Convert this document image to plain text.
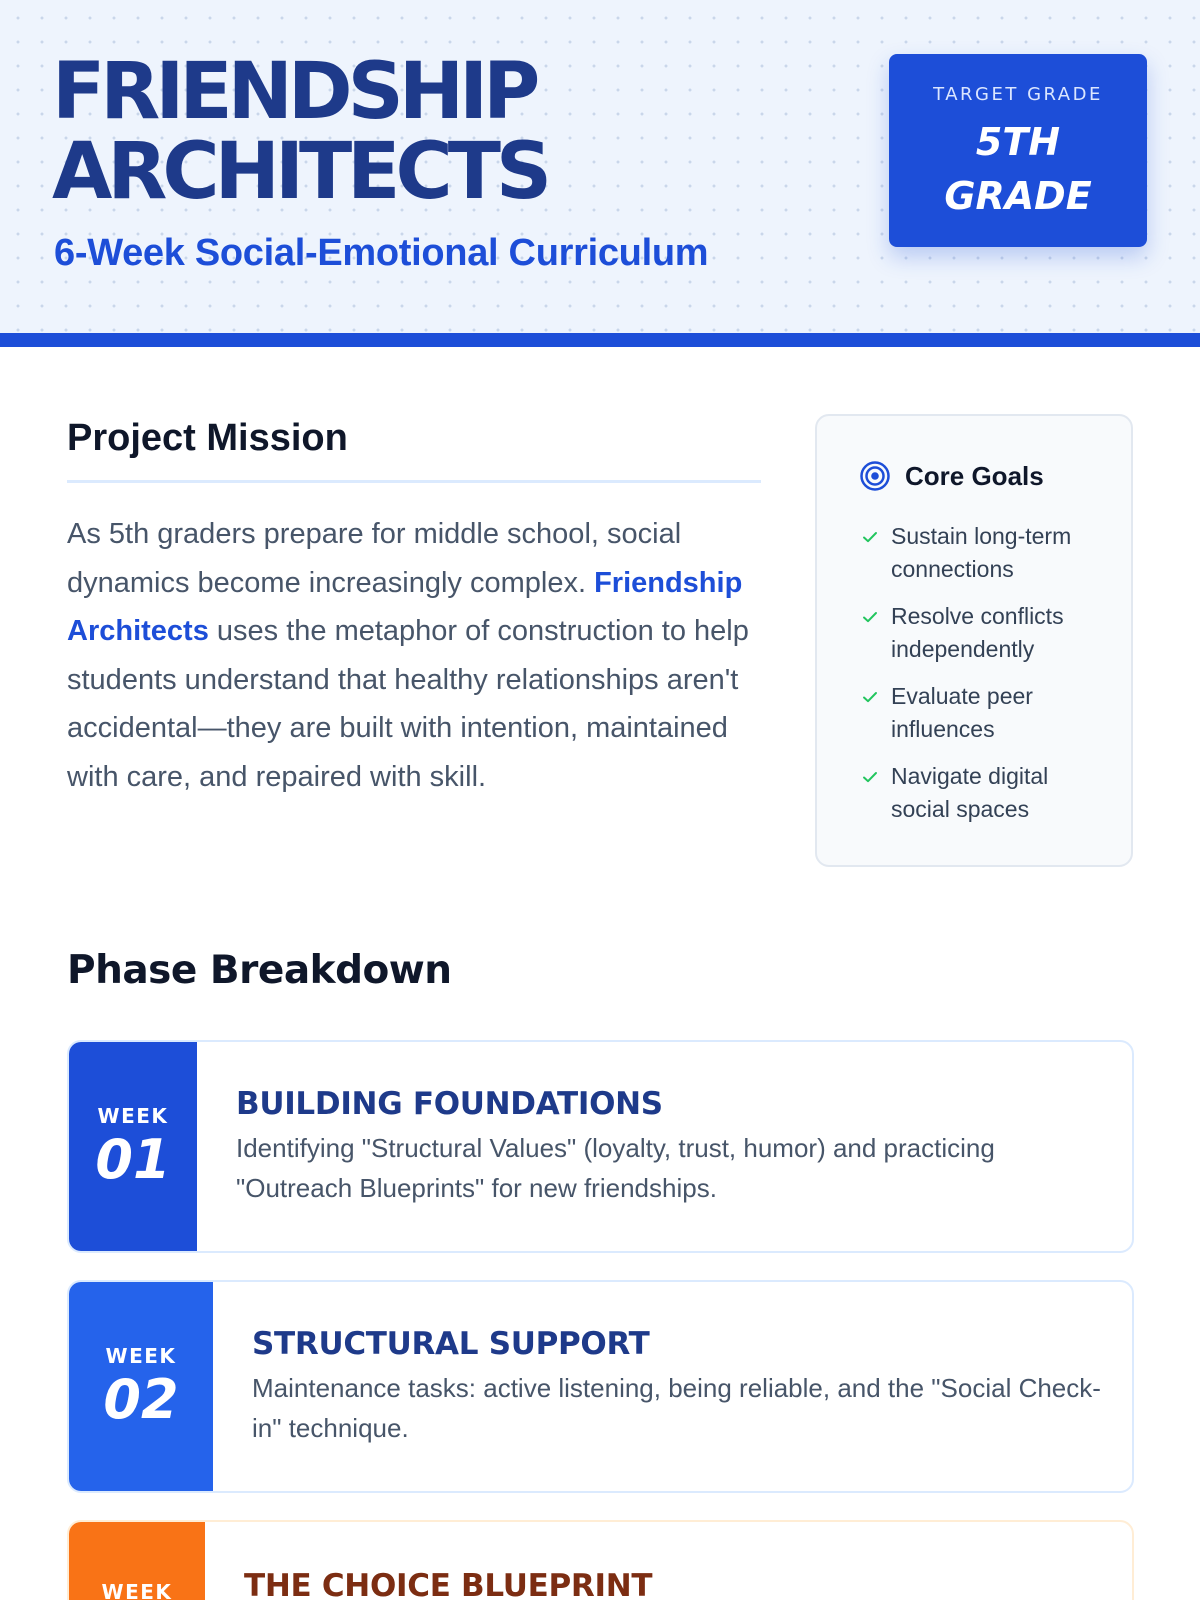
FRIENDSHIP
ARCHITECTS
6-Week Social-Emotional Curriculum
TARGET GRADE
5TH
GRADE
Project Mission

As 5th graders prepare for middle school, social dynamics become increasingly complex. Friendship Architects uses the metaphor of construction to help students understand that healthy relationships aren't accidental—they are built with intention, maintained with care, and repaired with skill.

Core Goals
Sustain long-term connections
Resolve conflicts independently
Evaluate peer influences
Navigate digital social spaces
Phase Breakdown
WEEK
01
BUILDING FOUNDATIONS
Identifying "Structural Values" (loyalty, trust, humor) and practicing "Outreach Blueprints" for new friendships.
WEEK
02
STRUCTURAL SUPPORT
Maintenance tasks: active listening, being reliable, and the "Social Check-in" technique.
WEEK THE CHOICE BLUEPRINT
